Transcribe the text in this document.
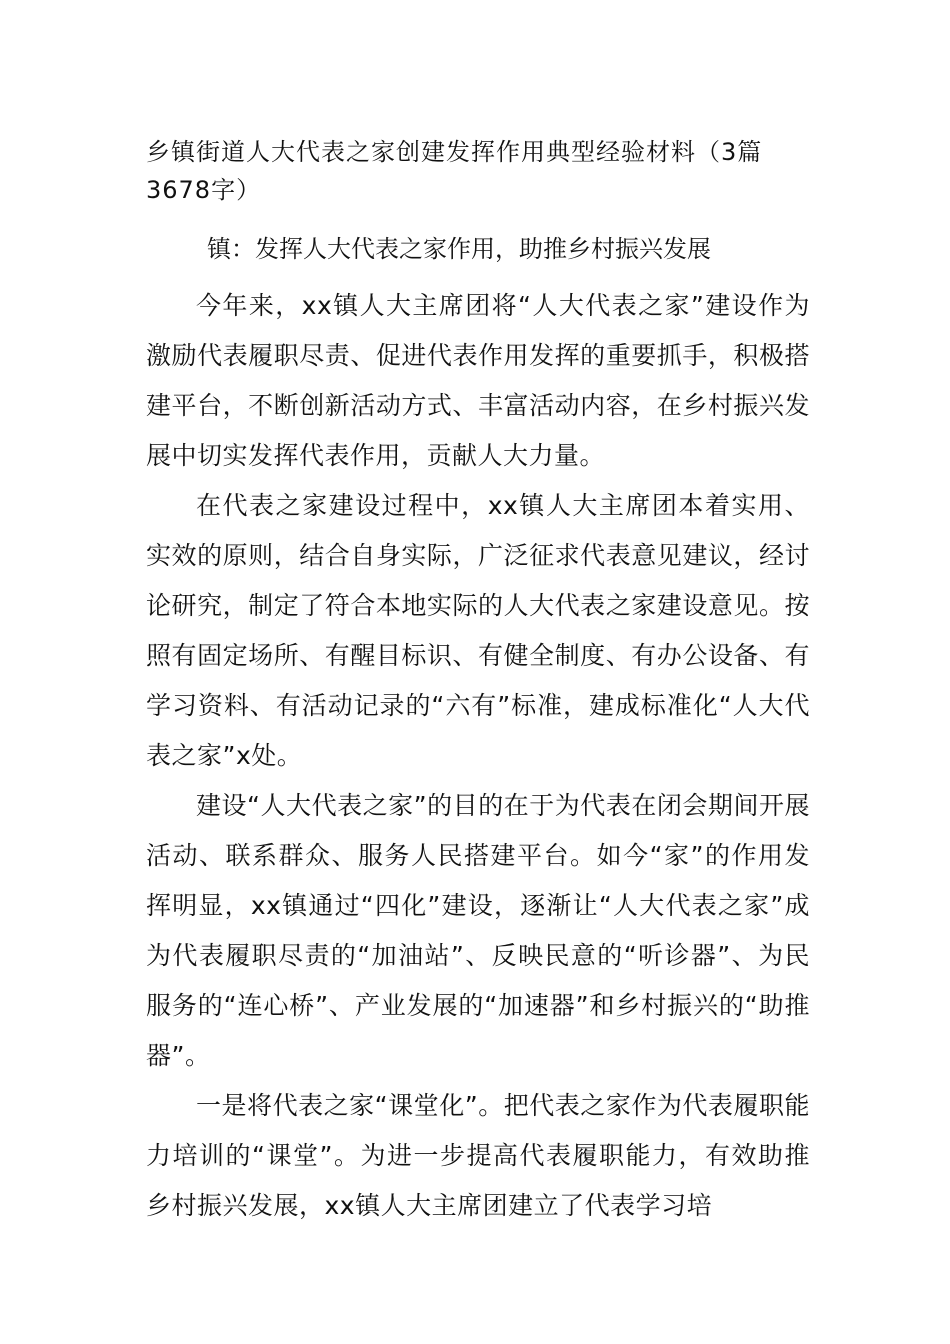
乡镇街道人大代表之家创建发挥作用典型经验材料（3篇 3678字）
镇：发挥人大代表之家作用，助推乡村振兴发展

今年来，xx镇人大主席团将“人大代表之家”建设作为激励代表履职尽责、促进代表作用发挥的重要抓手，积极搭建平台，不断创新活动方式、丰富活动内容，在乡村振兴发展中切实发挥代表作用，贡献人大力量。

在代表之家建设过程中，xx镇人大主席团本着实用、实效的原则，结合自身实际，广泛征求代表意见建议，经讨论研究，制定了符合本地实际的人大代表之家建设意见。按照有固定场所、有醒目标识、有健全制度、有办公设备、有学习资料、有活动记录的“六有”标准，建成标准化“人大代表之家”x处。

建设“人大代表之家”的目的在于为代表在闭会期间开展活动、联系群众、服务人民搭建平台。如今“家”的作用发挥明显，xx镇通过“四化”建设，逐渐让“人大代表之家”成为代表履职尽责的“加油站”、反映民意的“听诊器”、为民服务的“连心桥”、产业发展的“加速器”和乡村振兴的“助推器”。

一是将代表之家“课堂化”。把代表之家作为代表履职能力培训的“课堂”。为进一步提高代表履职能力，有效助推乡村振兴发展，xx镇人大主席团建立了代表学习培
